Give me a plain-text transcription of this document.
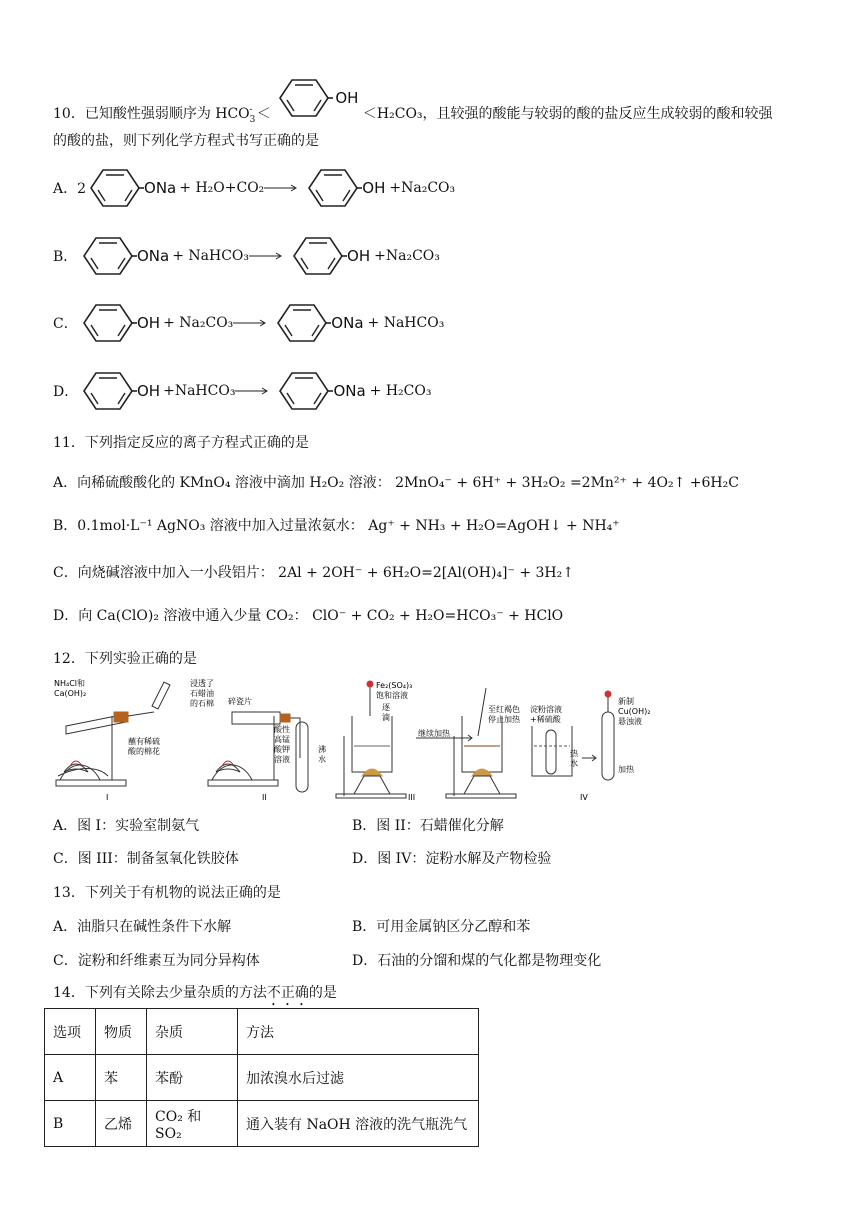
10．已知酸性强弱顺序为 $HCO_3^-$ ＜
OH
＜H₂CO₃，且较强的酸能与较弱的酸的盐反应生成较弱的酸和较强
的酸的盐，则下列化学方程式书写正确的是
A．2	ONa + H₂O+CO₂ →	OH +Na₂CO₃
B．	ONa + NaHCO₃ →	OH +Na₂CO₃
C．	OH + Na₂CO₃ →	ONa + NaHCO₃
D．	OH +NaHCO₃ →	ONa + H₂CO₃
11．下列指定反应的离子方程式正确的是
A．向稀硫酸酸化的 KMnO₄ 溶液中滴加 H₂O₂ 溶液： 2MnO₄⁻ + 6H⁺ + 3H₂O₂ =2Mn²⁺ + 4O₂↑ +6H₂C
B．0.1mol·L⁻¹ AgNO₃ 溶液中加入过量浓氨水： Ag⁺ + NH₃ + H₂O=AgOH↓ + NH₄⁺
C．向烧碱溶液中加入一小段铝片： 2Al + 2OH⁻ + 6H₂O=2[Al(OH)₄]⁻ + 3H₂↑
D．向 Ca(ClO)₂ 溶液中通入少量 CO₂： ClO⁻ + CO₂ + H₂O=HCO₃⁻ + HClO
12．下列实验正确的是
NH₄Cl和 Ca(OH)₂
蘸有稀硫酸的棉花
浸透了石蜡油的石棉 碎瓷片
酸性高锰酸钾溶液
Fe₂(SO₄)₃ 饱和溶液
逐滴
沸水
继续加热
至红褐色停止加热
淀粉溶液+稀硫酸
热水
新制 Cu(OH)₂ 悬浊液
加热
I	II	III	IV
A．图 I：实验室制氨气	B．图 II：石蜡催化分解
C．图 III：制备氢氧化铁胶体	D．图 IV：淀粉水解及产物检验
13．下列关于有机物的说法正确的是
A．油脂只在碱性条件下水解	B．可用金属钠区分乙醇和苯
C．淀粉和纤维素互为同分异构体	D．石油的分馏和煤的气化都是物理变化
14．下列有关除去少量杂质的方法不正确的是
选项	物质	杂质	方法
A	苯	苯酚	加浓溴水后过滤
B	乙烯	CO₂ 和 SO₂	通入装有 NaOH 溶液的洗气瓶洗气
